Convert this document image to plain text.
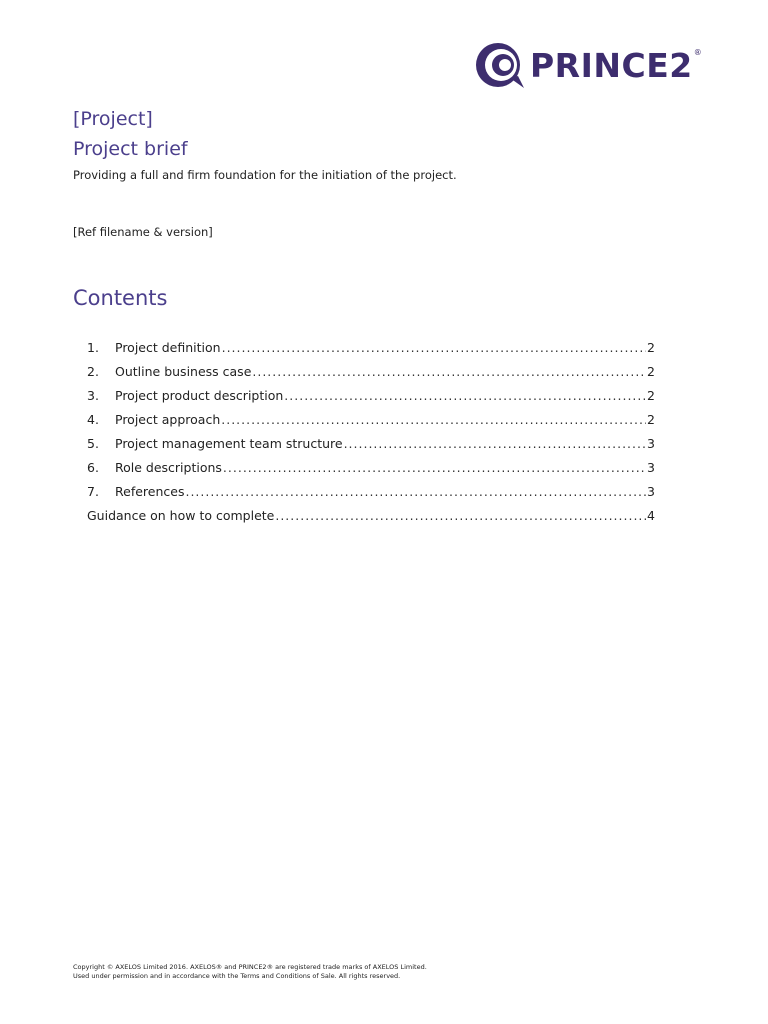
PRINCE2 ®
[Project]
Project brief

Providing a full and firm foundation for the initiation of the project.

[Ref filename & version]

Contents
1.	Project definition .....	2
2.	Outline business case .....	2
3.	Project product description .....	2
4.	Project approach .....	2
5.	Project management team structure .....	3
6.	Role descriptions .....	3
7.	References .....	3
Guidance on how to complete .....	4
Copyright © AXELOS Limited 2016. AXELOS® and PRINCE2® are registered trade marks of AXELOS Limited.
Used under permission and in accordance with the Terms and Conditions of Sale. All rights reserved.
